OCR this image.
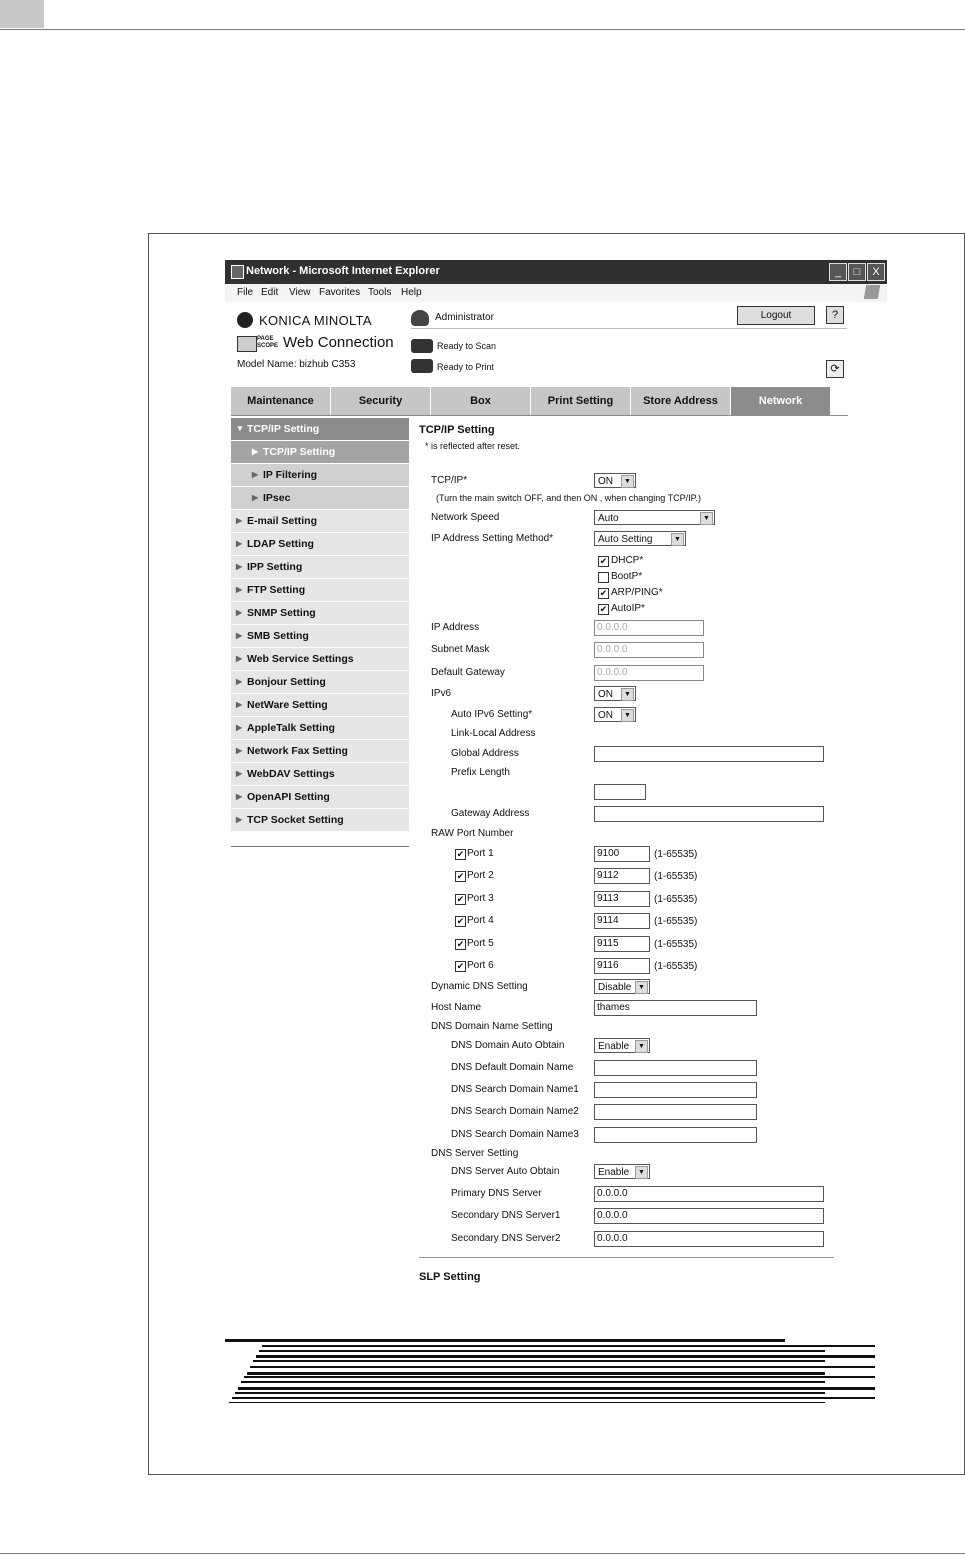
Network - Microsoft Internet Explorer	_	□	X
File Edit View Favorites Tools Help
KONICA MINOLTA	Administrator	Logout	?
PAGE SCOPE Web Connection
Model Name: bizhub C353
Ready to Scan
Ready to Print	⟳
Maintenance	Security	Box	Print Setting	Store Address	Network
▼ TCP/IP Setting
▶ TCP/IP Setting
▶ IP Filtering
▶ IPsec
▶ E-mail Setting
▶ LDAP Setting
▶ IPP Setting
▶ FTP Setting
▶ SNMP Setting
▶ SMB Setting
▶ Web Service Settings
▶ Bonjour Setting
▶ NetWare Setting
▶ AppleTalk Setting
▶ Network Fax Setting
▶ WebDAV Settings
▶ OpenAPI Setting
▶ TCP Socket Setting
TCP/IP Setting
* is reflected after reset.
TCP/IP*	ON	▼
(Turn the main switch OFF, and then ON , when changing TCP/IP.)
Network Speed	Auto	▼
IP Address Setting Method*	Auto Setting	▼
✔ DHCP*
BootP*
✔ ARP/PING*
✔ AutoIP*
IP Address	0.0.0.0
Subnet Mask	0.0.0.0
Default Gateway	0.0.0.0
IPv6	ON	▼
Auto IPv6 Setting*	ON	▼
Link-Local Address
Global Address
Prefix Length
Gateway Address
RAW Port Number
✔ Port 1	9100	(1-65535)
✔ Port 2	9112	(1-65535)
✔ Port 3	9113	(1-65535)
✔ Port 4	9114	(1-65535)
✔ Port 5	9115	(1-65535)
✔ Port 6	9116	(1-65535)
Dynamic DNS Setting	Disable ▼
Host Name	thames
DNS Domain Name Setting
DNS Domain Auto Obtain	Enable	▼
DNS Default Domain Name
DNS Search Domain Name1
DNS Search Domain Name2
DNS Search Domain Name3
DNS Server Setting
DNS Server Auto Obtain	Enable	▼
Primary DNS Server	0.0.0.0
Secondary DNS Server1	0.0.0.0
Secondary DNS Server2	0.0.0.0
SLP Setting
